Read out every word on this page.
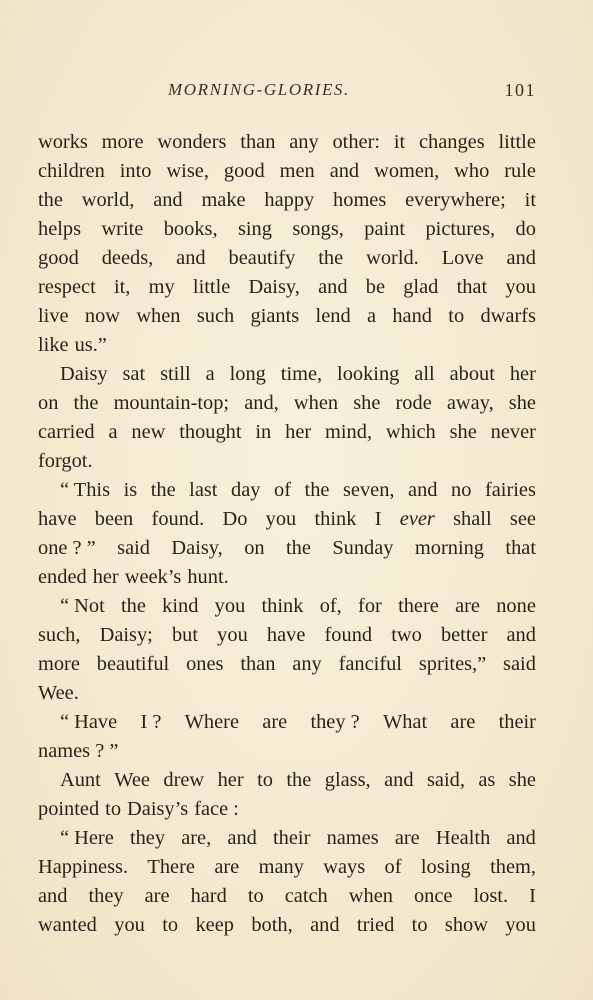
MORNING-GLORIES.	101
works more wonders than any other: it changes little
children into wise, good men and women, who rule
the world, and make happy homes everywhere; it
helps write books, sing songs, paint pictures, do
good deeds, and beautify the world. Love and
respect it, my little Daisy, and be glad that you
live now when such giants lend a hand to dwarfs
like us.”
Daisy sat still a long time, looking all about her
on the mountain-top; and, when she rode away, she
carried a new thought in her mind, which she never
forgot.
“ This is the last day of the seven, and no fairies
have been found. Do you think I ever shall see
one ? ” said Daisy, on the Sunday morning that
ended her week’s hunt.
“ Not the kind you think of, for there are none
such, Daisy; but you have found two better and
more beautiful ones than any fanciful sprites,” said
Wee.
“ Have I ? Where are they ? What are their
names ? ”
Aunt Wee drew her to the glass, and said, as she
pointed to Daisy’s face :
“ Here they are, and their names are Health and
Happiness. There are many ways of losing them,
and they are hard to catch when once lost. I
wanted you to keep both, and tried to show you
